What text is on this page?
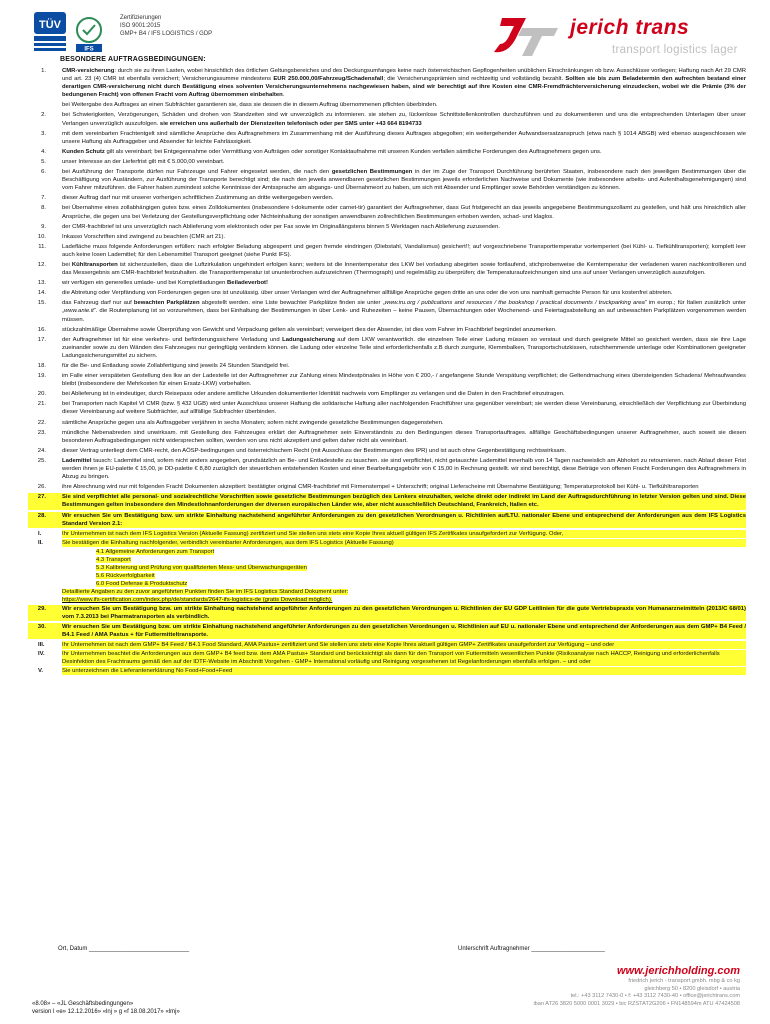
TÜV
IFS
Zertifizierungen
ISO 9001:2015
GMP+ B4 / IFS LOGISTICS / GDP	jerich trans
transport logistics lager
BESONDERE AUFTRAGSBEDINGUNGEN:
1.	CMR-versicherung: durch sie zu ihren Lasten, wobei hinsichtlich des örtlichen Geltungsbereiches und des Deckungsumfanges keine nach österreichischen Gepflogenheiten unüblichen Einschränkungen ob bzw. Ausschlüsse vorliegen; Haftung nach Art 29 CMR und art. 23 (4) CMR ist ebenfalls versichert; Versicherungssumme mindestens EUR 250.000,00/Fahrzeug/Schadensfall; die Versicherungsprämien sind rechtzeitig und vollständig bezahlt. Sollten sie bis zum Beladetermin den aufrechten bestand einer derartigen CMR-versicherung nicht durch Bestätigung eines solventen Versicherungsunternehmens nachgewiesen haben, sind wir berechtigt auf ihre Kosten eine CMR-Fremdfrächterversicherung einzudecken, wobei wir die Prämie (3% der bedungenen Fracht) von offenen Fracht vom Auftrag übernommen einbehalten.
bei Weitergabe des Auftrages an einen Subfrächter garantieren sie, dass sie dessen die in diesem Auftrag übernommenen pflichten überbinden.
2.	bei Schwierigkeiten, Verzögerungen, Schäden und drohen von Standzeiten sind wir unverzüglich zu informieren. sie stehen zu, lückenlose Schnittstellenkontrollen durchzuführen und zu dokumentieren und uns die entsprechenden Unterlagen über unser Verlangen unverzüglich auszufolgen. sie erreichen uns außerhalb der Dienstzeiten telefonisch oder per SMS unter +43 664 8194733
3.	mit dem vereinbarten Frachtentgelt sind sämtliche Ansprüche des Auftragnehmers im Zusammenhang mit der Ausführung dieses Auftrages abgegolten; ein weitergehender Aufwandsersatzanspruch (etwa nach § 1014 ABGB) wird ebenso ausgeschlossen wie unsere Haftung als Auftraggeber und Absender für leichte Fahrlässigkeit.
4.	Kunden Schutz gilt als vereinbart; bei Entgegennahme oder Vermittlung von Aufträgen oder sonstiger Kontaktaufnahme mit unseren Kunden verfallen sämtliche Forderungen des Auftragnehmers gegen uns.
5.	unser Interesse an der Lieferfrist gilt mit € 5.000,00 vereinbart.
6.	bei Ausführung der Transporte dürfen nur Fahrzeuge und Fahrer eingesetzt werden, die nach den gesetzlichen Bestimmungen in der im Zuge der Transport Durchführung berührten Staaten, insbesondere nach den jeweiligen Bestimmungen über die Beschäftigung von Ausländern, zur Ausführung der Transporte berechtigt sind; die nach den jeweils anwendbaren gesetzlichen Bestimmungen jeweils erforderlichen Nachweise und Dokumente (wie insbesondere arbeits- und Aufenthaltsgenehmigungen) sind vom Fahrer mitzuführen. die Fahrer haben zumindest solche Kenntnisse der Amtssprache am abgangs- und Übernahmeort zu haben, um sich mit Absender und Empfänger sowie Behörden verständigen zu können.
7.	dieser Auftrag darf nur mit unserer vorherigen schriftlichen Zustimmung an dritte weitergegeben werden.
8.	bei Übernahme eines zollabhängigen gutes bzw. eines Zolldokumentes (insbesondere t-dokumente oder carnet-tir) garantiert der Auftragnehmer, dass Gut fristgerecht an das jeweils angegebene Bestimmungszollamt zu gestellen, und hält uns hinsichtlich aller Ansprüche, die gegen uns bei Verletzung der Gestellungsverpflichtung oder Nichteinhaltung der sonstigen anwendbaren zollrechtlichen Bestimmungen erhoben werden, schad- und klaglos.
9.	der CMR-frachtbrief ist uns unverzüglich nach Ablieferung vom elektronisch oder per Fax sowie im Originallängstens binnen 5 Werktagen nach Ablieferung zuzusenden.
10.	Inkasso Vorschriften sind zwingend zu beachten (CMR art 21).
11.	Ladefläche muss folgende Anforderungen erfüllen: nach erfolgter Beladung abgesperrt und gegen fremde eindringen (Diebstahl, Vandalismus) gesichert!!; auf vorgeschriebene Transporttemperatur vortemperiert (bei Kühl- u. Tiefkühltransporten); komplett leer auch keine losen Lademittel; für den Lebensmittel Transport geeignet (siehe Punkt IFS).
12.	bei Kühltransporten ist sicherzustellen, dass die Luftzirkulation ungehindert erfolgen kann; weiters ist die Innentemperatur des LKW bei vorladung abegirten sowie fortlaufend, stichprobenweise die Kerntemperatur der verladenen waren nachkontrollieren und das Messergebnis am CMR-frachtbrief festzuhalten. die Transporttemperatur ist ununterbrochen aufzuzeichnen (Thermograph) und regelmäßig zu überprüfen; die Temperaturaufzeichnungen sind uns auf unser Verlangen unverzüglich auszufolgen.
13.	wir verfügen ein generelles umlade- und bei Komplettladungen Beiladeverbot!
14.	die Abtretung oder Verpfändung von Forderungen gegen uns ist unzulässig. über unser Verlangen wird der Auftragnehmer allfällige Ansprüche gegen dritte an uns oder die von uns namhaft gemachte Person für uns kostenfrei abtreten.
15.	das Fahrzeug darf nur auf bewachten Parkplätzen abgestellt werden. eine Liste bewachter Parkplätze finden sie unter „www.iru.org / publications and resources / the bookshop / practical documents / truckparking area“ im europ.; für Italien zusätzlich unter „www.anie.it“. die Routenplanung ist so vorzunehmen, dass bei Einhaltung der Bestimmungen in über Lenk- und Ruhezeiten – keine Pausen, Übernachtungen oder Wochenend- und Feiertagsabstellung an auf unbewachten Parkplätzen vorgenommen werden müssen.
16.	stückzahlmäßige Übernahme sowie Überprüfung von Gewicht und Verpackung gelten als vereinbart; verweigert dies der Absender, ist dies vom Fahrer im Frachtbrief begründet anzumerken.
17.	der Auftragnehmer ist für eine verkehrs- und beförderungssichere Verladung und Ladungssicherung auf dem LKW verantwortlich. die einzelnen Teile einer Ladung müssen so verstaut und durch geeignete Mittel so gesichert werden, dass sie ihre Lage zueinander sowie zu den Wänden des Fahrzeuges nur geringfügig verändern können. die Ladung oder einzelne Teile sind erforderlichenfalls z.B durch zurrgurte, Klemmbalken, Transportschutzkissen, rutschhemmende unterlage oder Kombinationen geeigneter Ladungssicherungsmittel zu sichern.
18.	für die Be- und Entladung sowie Zollabfertigung sind jeweils 24 Stunden Standgeld frei.
19.	im Falle einer verspäteten Gestellung des lkw an der Ladestelle ist der Auftragnehmer zur Zahlung eines Mindestpönales in Höhe von € 200,- / angefangene Stunde Verspätung verpflichtet; die Geltendmachung eines übersteigenden Schadens/ Mehraufwandes bleibt (insbesondere der Mehrkosten für einen Ersatz-LKW) vorbehalten.
20.	bei Ablieferung ist in eindeutiger, durch Reisepass oder andere amtliche Urkunden dokumentierter Identität nachweis vom Empfänger zu verlangen und die Daten in den Frachtbrief einzutragen.
21.	bei Transporten nach Kapitel VI CMR (bzw. § 432 UGB) wird unter Ausschluss unserer Haftung die solidarische Haftung aller nachfolgenden Frachtführer uns gegenüber vereinbart; sie werden diese Vereinbarung, einschließlich der Verpflichtung zur Überbindung dieser Vereinbarung auf weitere Subfrächter, auf allfällige Subfrachter überbinden.
22.	sämtliche Ansprüche gegen uns als Auftraggeber verjähren in sechs Monaten; sofern nicht zwingende gesetzliche Bestimmungen dagegenstehen.
23.	mündliche Nebenabreden sind unwirksam. mit Gestellung des Fahrzeuges erklärt der Auftragnehmer sein Einverständnis zu den Bedingungen dieses Transportauftrages. allfällige Geschäftsbedingungen unserer Auftragnehmer, auch soweit sie diesen besonderen Auftragsbedingungen nicht widersprechen sollten, werden von uns nicht akzeptiert und gelten daher nicht als vereinbart.
24.	dieser Vertrag unterliegt dem CMR-recht, den AÖSP-bedingungen und österreichischem Recht (mit Ausschluss der Bestimmungen des IPR) und ist auch ohne Gegenbestätigung rechtswirksam.
25.	Lademittel tausch: Lademittel sind, sofern nicht anders angegeben, grundsätzlich an Be- und Entladestelle zu tauschen. sie sind verpflichtet, nicht getauschte Lademittel innerhalb von 14 Tagen nachweislich am Abholort zu retournieren. nach Ablauf dieser Frist werden ihnen je EU-palette € 15,00, je DD-palette € 8,80 zuzüglich der steuerlichen entstehenden Kosten und einer Bearbeitungsgebühr von € 15,00 in Rechnung gestellt. wir sind berechtigt, diese Beträge von offenen Fracht Forderungen des Auftragnehmers in Abzug zu bringen.
26.	ihre Abrechnung wird nur mit folgenden Fracht Dokumenten akzeptiert: bestätigter original CMR-frachtbrief mit Firmenstempel + Unterschrift; original Lieferscheine mit Übernahme Bestätigung; Temperaturprotokoll bei Kühl- u. Tiefkühltransporten
27.	Sie sind verpflichtet alle personal- und sozialrechtliche Vorschriften sowie gesetzliche Bestimmungen bezüglich des Lenkers einzuhalten, welche direkt oder indirekt im Land der Auftragsdurchführung in letzter Version gelten und sind. Diese Bestimmungen gelten insbesondere den Mindestlohnanforderungen der diversen europäischen Länder wie, aber nicht ausschließlich Deutschland, Frankreich, Italien etc.
28.	Wir ersuchen Sie um Bestätigung bzw. um strikte Einhaltung nachstehend angeführter Anforderungen zu den gesetzlichen Verordnungen u. Richtlinien aufLTU. nationaler Ebene und entsprechend der Anforderungen aus dem IFS Logistics Standard Version 2.1:
I.	Ihr Unternehmen ist nach dem IFS Logistics Version (Aktuelle Fassung) zertifiziert und Sie stellen uns stets eine Kopie Ihres aktuell gültigen IFS Zertifikates unaufgefordert zur Verfügung. Oder,
II.	Sie bestätigen die Einhaltung nachfolgender, verbindlich vereinbarter Anforderungen, aus dem IFS Logistics (Aktuelle Fassung)
4.1 Allgemeine Anforderungen zum Transport
4.3 Transport
5.3 Kalibrierung und Prüfung von qualifizierten Mess- und Überwachungsgeräten
5.6 Rückverfolgbarkeit
6.0 Food Defense & Produktschutz
Detaillierte Angaben zu den zuvor angeführten Punkten finden Sie im IFS Logistics Standard Dokument unter:
https://www.ifs-certification.com/index.php/de/standards/2647-ifs-logistics-de (gratis Download möglich).
29.	Wir ersuchen Sie um Bestätigung bzw. um strikte Einhaltung nachstehend angeführter Anforderungen zu den gesetzlichen Verordnungen u. Richtlinien der EU GDP Leitlinien für die gute Vertriebspraxis von Humanarzneimitteln (2013/C 68/01) vom 7.3.2013 bei Pharmatransporten als verbindlich.
30.	Wir ersuchen Sie um Bestätigung bzw. um strikte Einhaltung nachstehend angeführter Anforderungen zu den gesetzlichen Verordnungen u. Richtlinien auf EU u. nationaler Ebene und entsprechend der Anforderungen aus dem GMP+ B4 Feed / B4.1 Feed / AMA Pastus + für Futtermitteltransporte.
III.	Ihr Unternehmen ist nach dem GMP+ B4 Feed / B4.1 Food Standard, AMA Pastus+ zertifiziert und Sie stellen uns stets eine Kopie Ihres aktuell gültigen GMP+ Zertifikates unaufgefordert zur Verfügung – und oder
IV.	Ihr Unternehmen beachtet die Anforderungen aus dem GMP+ B4 feed bzw. dem AMA Pastus+ Standard und berücksichtigt als dann für den Transport von Futtermitteln wesentlichen Punkte (Risikoanalyse nach HACCP, Reinigung und erforderlichenfalls Desinfektion des Frachtraums gemäß den auf der IDTF-Website im Abschnitt Vorgehen - GMP+ International vorläufig und Reinigung vorgesehenen ist Regelanforderungen ebenfalls erfolgen. – und oder
V.	Sie unterzeichnen die Lieferantenerklärung No Food+Food+Feed
Ort, Datum ______________________________	Unterschrift Auftragnehmer ______________________
«8.08» – «JL Geschäftsbedingungen»
version l «e» 12.12.2016» «lnj » g «f 18.08.2017» «lmj»
www.jerichholding.com
friedrich jerich - transport gmbh. mbg & co kg
gleichberg 50 • 8200 gleisdorf • austria
tel.: +43 3112 7430-0 • f: +43 3112 7430-40 • office@jerichtrans.com
iban AT26 3820 5000 0001 3029 • bic RZSTAT2G206 • FN148594m ATU 47424508
